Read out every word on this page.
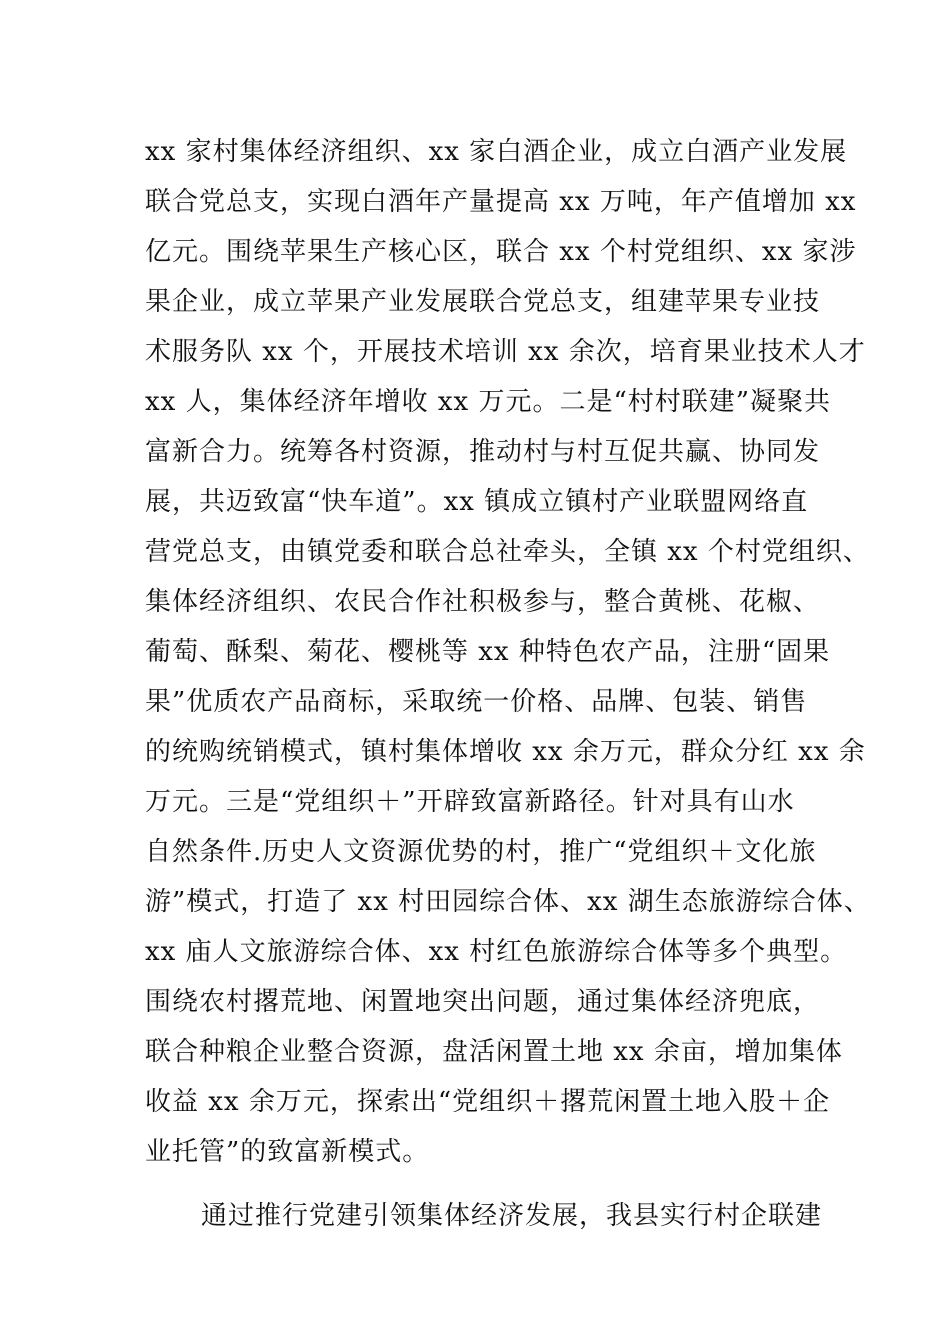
xx 家村集体经济组织、xx 家白酒企业，成立白酒产业发展
联合党总支，实现白酒年产量提高 xx 万吨，年产值增加 xx
亿元。围绕苹果生产核心区，联合 xx 个村党组织、xx 家涉
果企业，成立苹果产业发展联合党总支，组建苹果专业技
术服务队 xx 个，开展技术培训 xx 余次，培育果业技术人才
xx 人，集体经济年增收 xx 万元。二是“村村联建”凝聚共
富新合力。统筹各村资源，推动村与村互促共赢、协同发
展，共迈致富“快车道”。xx 镇成立镇村产业联盟网络直
营党总支，由镇党委和联合总社牵头，全镇 xx 个村党组织、
集体经济组织、农民合作社积极参与，整合黄桃、花椒、
葡萄、酥梨、菊花、樱桃等 xx 种特色农产品，注册“固果
果”优质农产品商标，采取统一价格、品牌、包装、销售
的统购统销模式，镇村集体增收 xx 余万元，群众分红 xx 余
万元。三是“党组织＋”开辟致富新路径。针对具有山水
自然条件.历史人文资源优势的村，推广“党组织＋文化旅
游”模式，打造了 xx 村田园综合体、xx 湖生态旅游综合体、
xx 庙人文旅游综合体、xx 村红色旅游综合体等多个典型。
围绕农村撂荒地、闲置地突出问题，通过集体经济兜底，
联合种粮企业整合资源，盘活闲置土地 xx 余亩，增加集体
收益 xx 余万元，探索出“党组织＋撂荒闲置土地入股＋企
业托管”的致富新模式。
通过推行党建引领集体经济发展，我县实行村企联建
